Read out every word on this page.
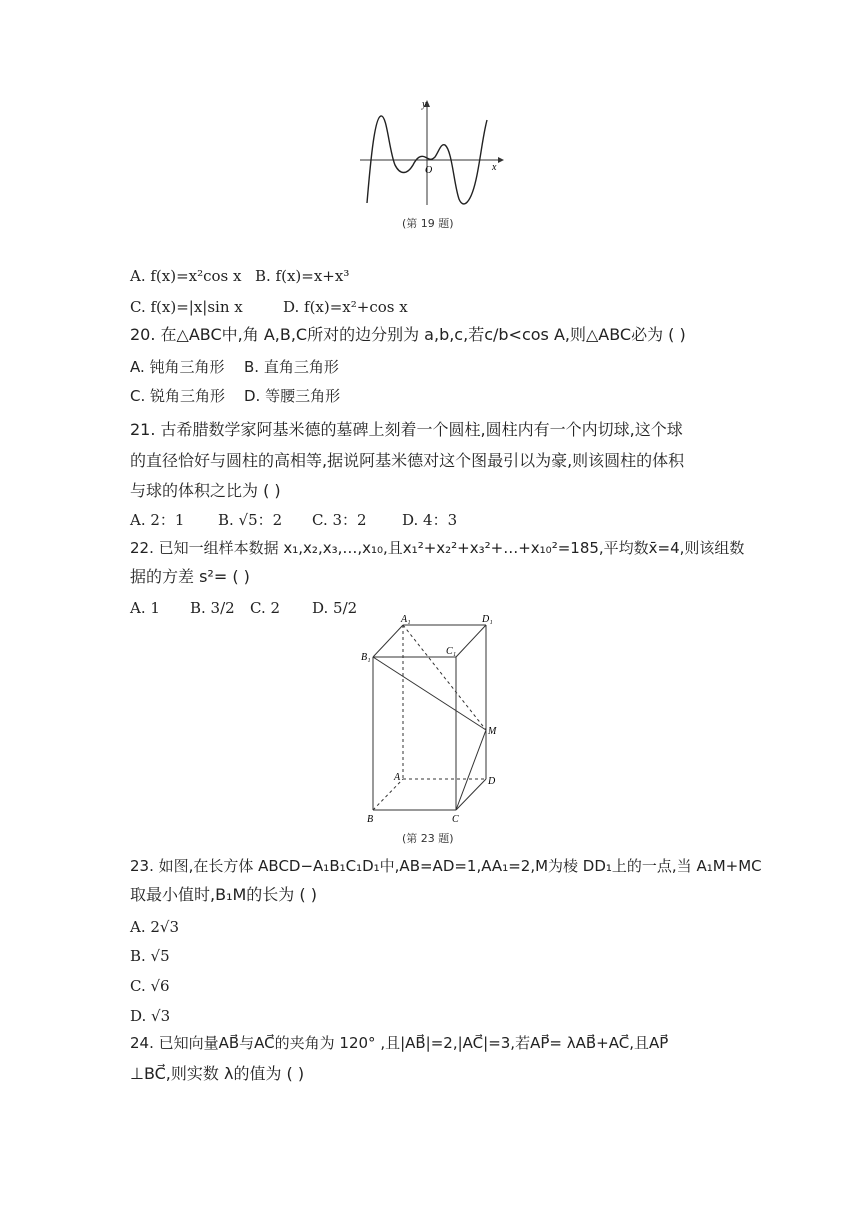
y
x
O
(第 19 题)
A. f(x)=x²cos x B. f(x)=x+x³
C. f(x)=|x|sin x	D. f(x)=x²+cos x
20. 在△ABC中,角 A,B,C所对的边分别为 a,b,c,若c/b<cos A,则△ABC必为 ( )
A. 钝角三角形 B. 直角三角形
C. 锐角三角形 D. 等腰三角形
21. 古希腊数学家阿基米德的墓碑上刻着一个圆柱,圆柱内有一个内切球,这个球
的直径恰好与圆柱的高相等,据说阿基米德对这个图最引以为豪,则该圆柱的体积
与球的体积之比为 ( )
A. 2：1 B. √5：2 C. 3：2 D. 4：3
22. 已知一组样本数据 x₁,x₂,x₃,…,x₁₀,且x₁²+x₂²+x₃²+…+x₁₀²=185,平均数x̄=4,则该组数
据的方差 s²= ( )
A. 1 B. 3/2 C. 2 D. 5/2
A₁	D₁
B₁
C₁
M
A	D
B	C
(第 23 题)
23. 如图,在长方体 ABCD−A₁B₁C₁D₁中,AB=AD=1,AA₁=2,M为棱 DD₁上的一点,当 A₁M+MC
取最小值时,B₁M的长为 ( )
A. 2√3
B. √5
C. √6
D. √3
24. 已知向量AB⃗与AC⃗的夹角为 120° ,且|AB⃗|=2,|AC⃗|=3,若AP⃗= λAB⃗+AC⃗,且AP⃗
⊥BC⃗,则实数 λ的值为 ( )
